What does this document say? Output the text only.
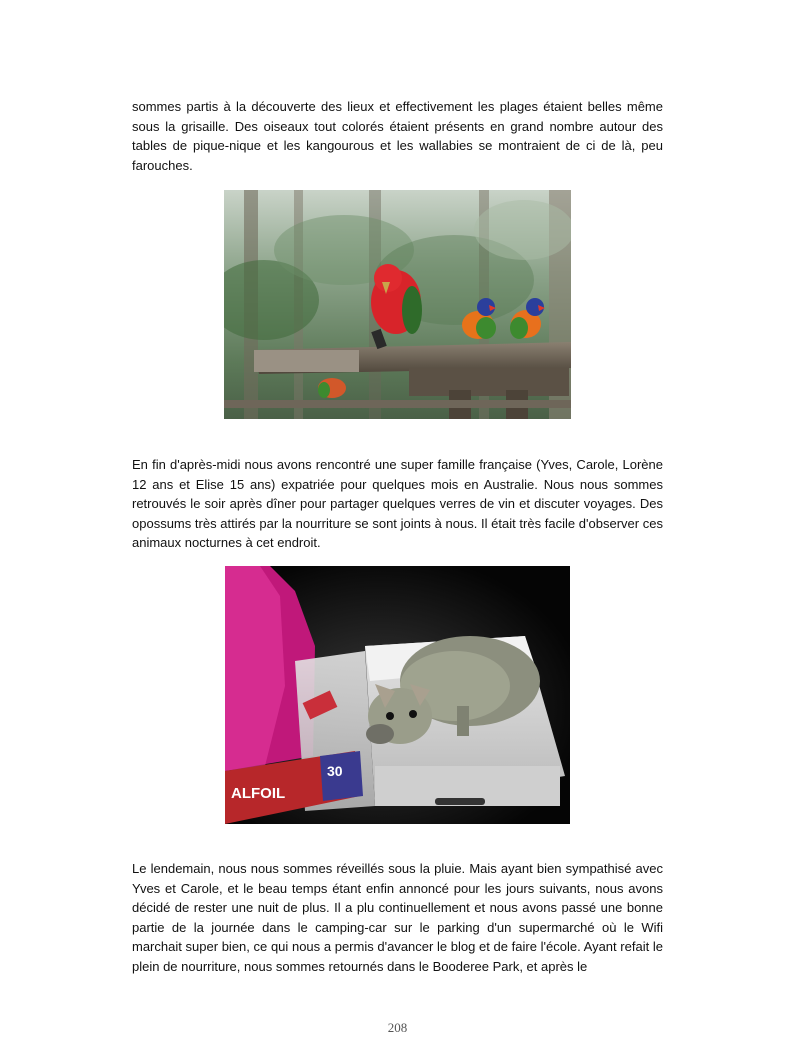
sommes partis à la découverte des lieux et effectivement les plages étaient belles même sous la grisaille. Des oiseaux tout colorés étaient présents en grand nombre autour des tables de pique-nique et les kangourous et les wallabies se montraient de ci de là, peu farouches.

En fin d'après-midi nous avons rencontré une super famille française (Yves, Carole, Lorène 12 ans et Elise 15 ans) expatriée pour quelques mois en Australie. Nous nous sommes retrouvés le soir après dîner pour partager quelques verres de vin et discuter voyages. Des opossums très attirés par la nourriture se sont joints à nous. Il était très facile d'observer ces animaux nocturnes à cet endroit.

30
ALFOIL

Le lendemain, nous nous sommes réveillés sous la pluie. Mais ayant bien sympathisé avec Yves et Carole, et le beau temps étant enfin annoncé pour les jours suivants, nous avons décidé de rester une nuit de plus. Il a plu continuellement et nous avons passé une bonne partie de la journée dans le camping-car sur le parking d'un supermarché où le Wifi marchait super bien, ce qui nous a permis d'avancer le blog et de faire l'école. Ayant refait le plein de nourriture, nous sommes retournés dans le Booderee Park, et après le

208
